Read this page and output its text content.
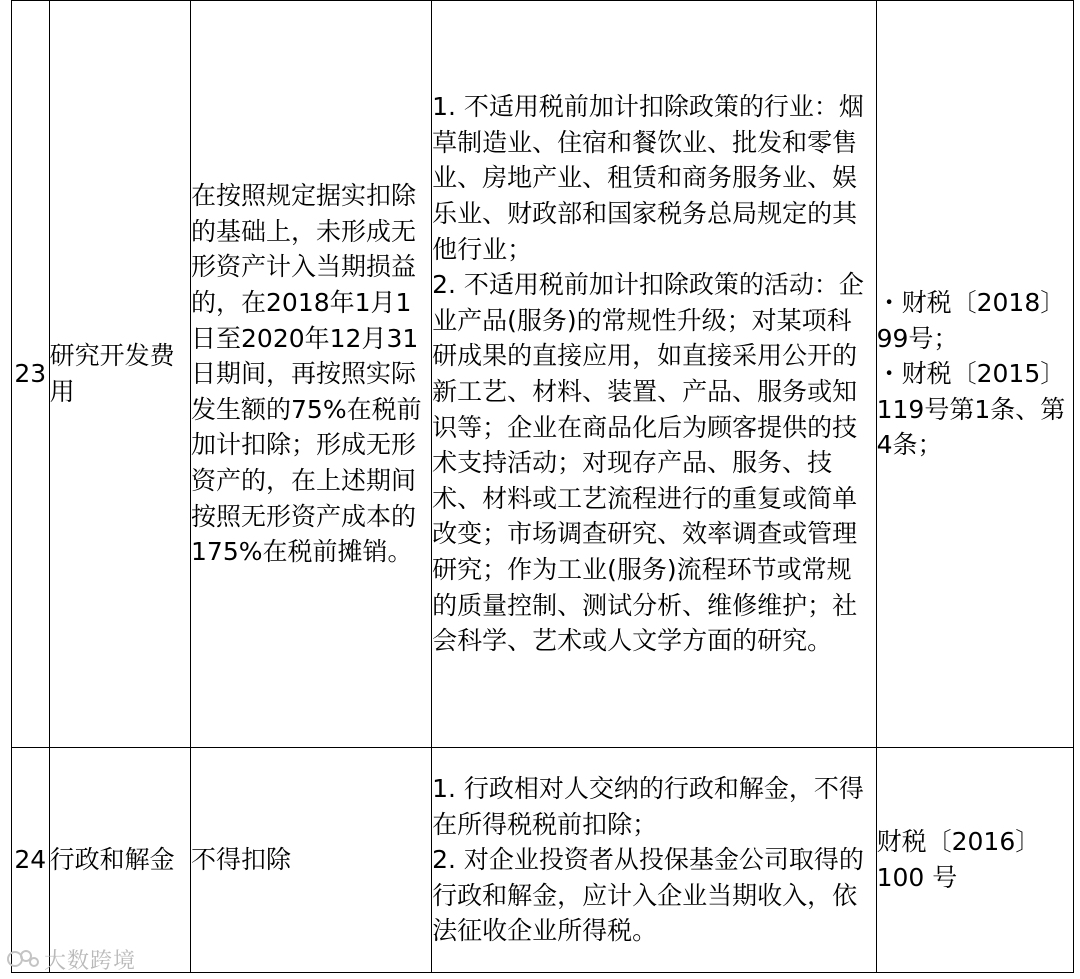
23	研究开发费用	在按照规定据实扣除的基础上，未形成无形资产计入当期损益的，在2018年1月1日至2020年12月31日期间，再按照实际发生额的75%在税前加计扣除；形成无形资产的，在上述期间按照无形资产成本的175%在税前摊销。	1. 不适用税前加计扣除政策的行业：烟草制造业、住宿和餐饮业、批发和零售业、房地产业、租赁和商务服务业、娱乐业、财政部和国家税务总局规定的其他行业；
2. 不适用税前加计扣除政策的活动：企业产品(服务)的常规性升级；对某项科研成果的直接应用，如直接采用公开的新工艺、材料、装置、产品、服务或知识等；企业在商品化后为顾客提供的技术支持活动；对现存产品、服务、技术、材料或工艺流程进行的重复或简单改变；市场调查研究、效率调查或管理研究；作为工业(服务)流程环节或常规的质量控制、测试分析、维修维护；社会科学、艺术或人文学方面的研究。	・财税〔2018〕99号；
・财税〔2015〕119号第1条、第4条；

24	行政和解金	不得扣除	1. 行政相对人交纳的行政和解金，不得在所得税税前扣除；
2. 对企业投资者从投保基金公司取得的行政和解金，应计入企业当期收入，依法征收企业所得税。	财税〔2016〕100 号
大数跨境
